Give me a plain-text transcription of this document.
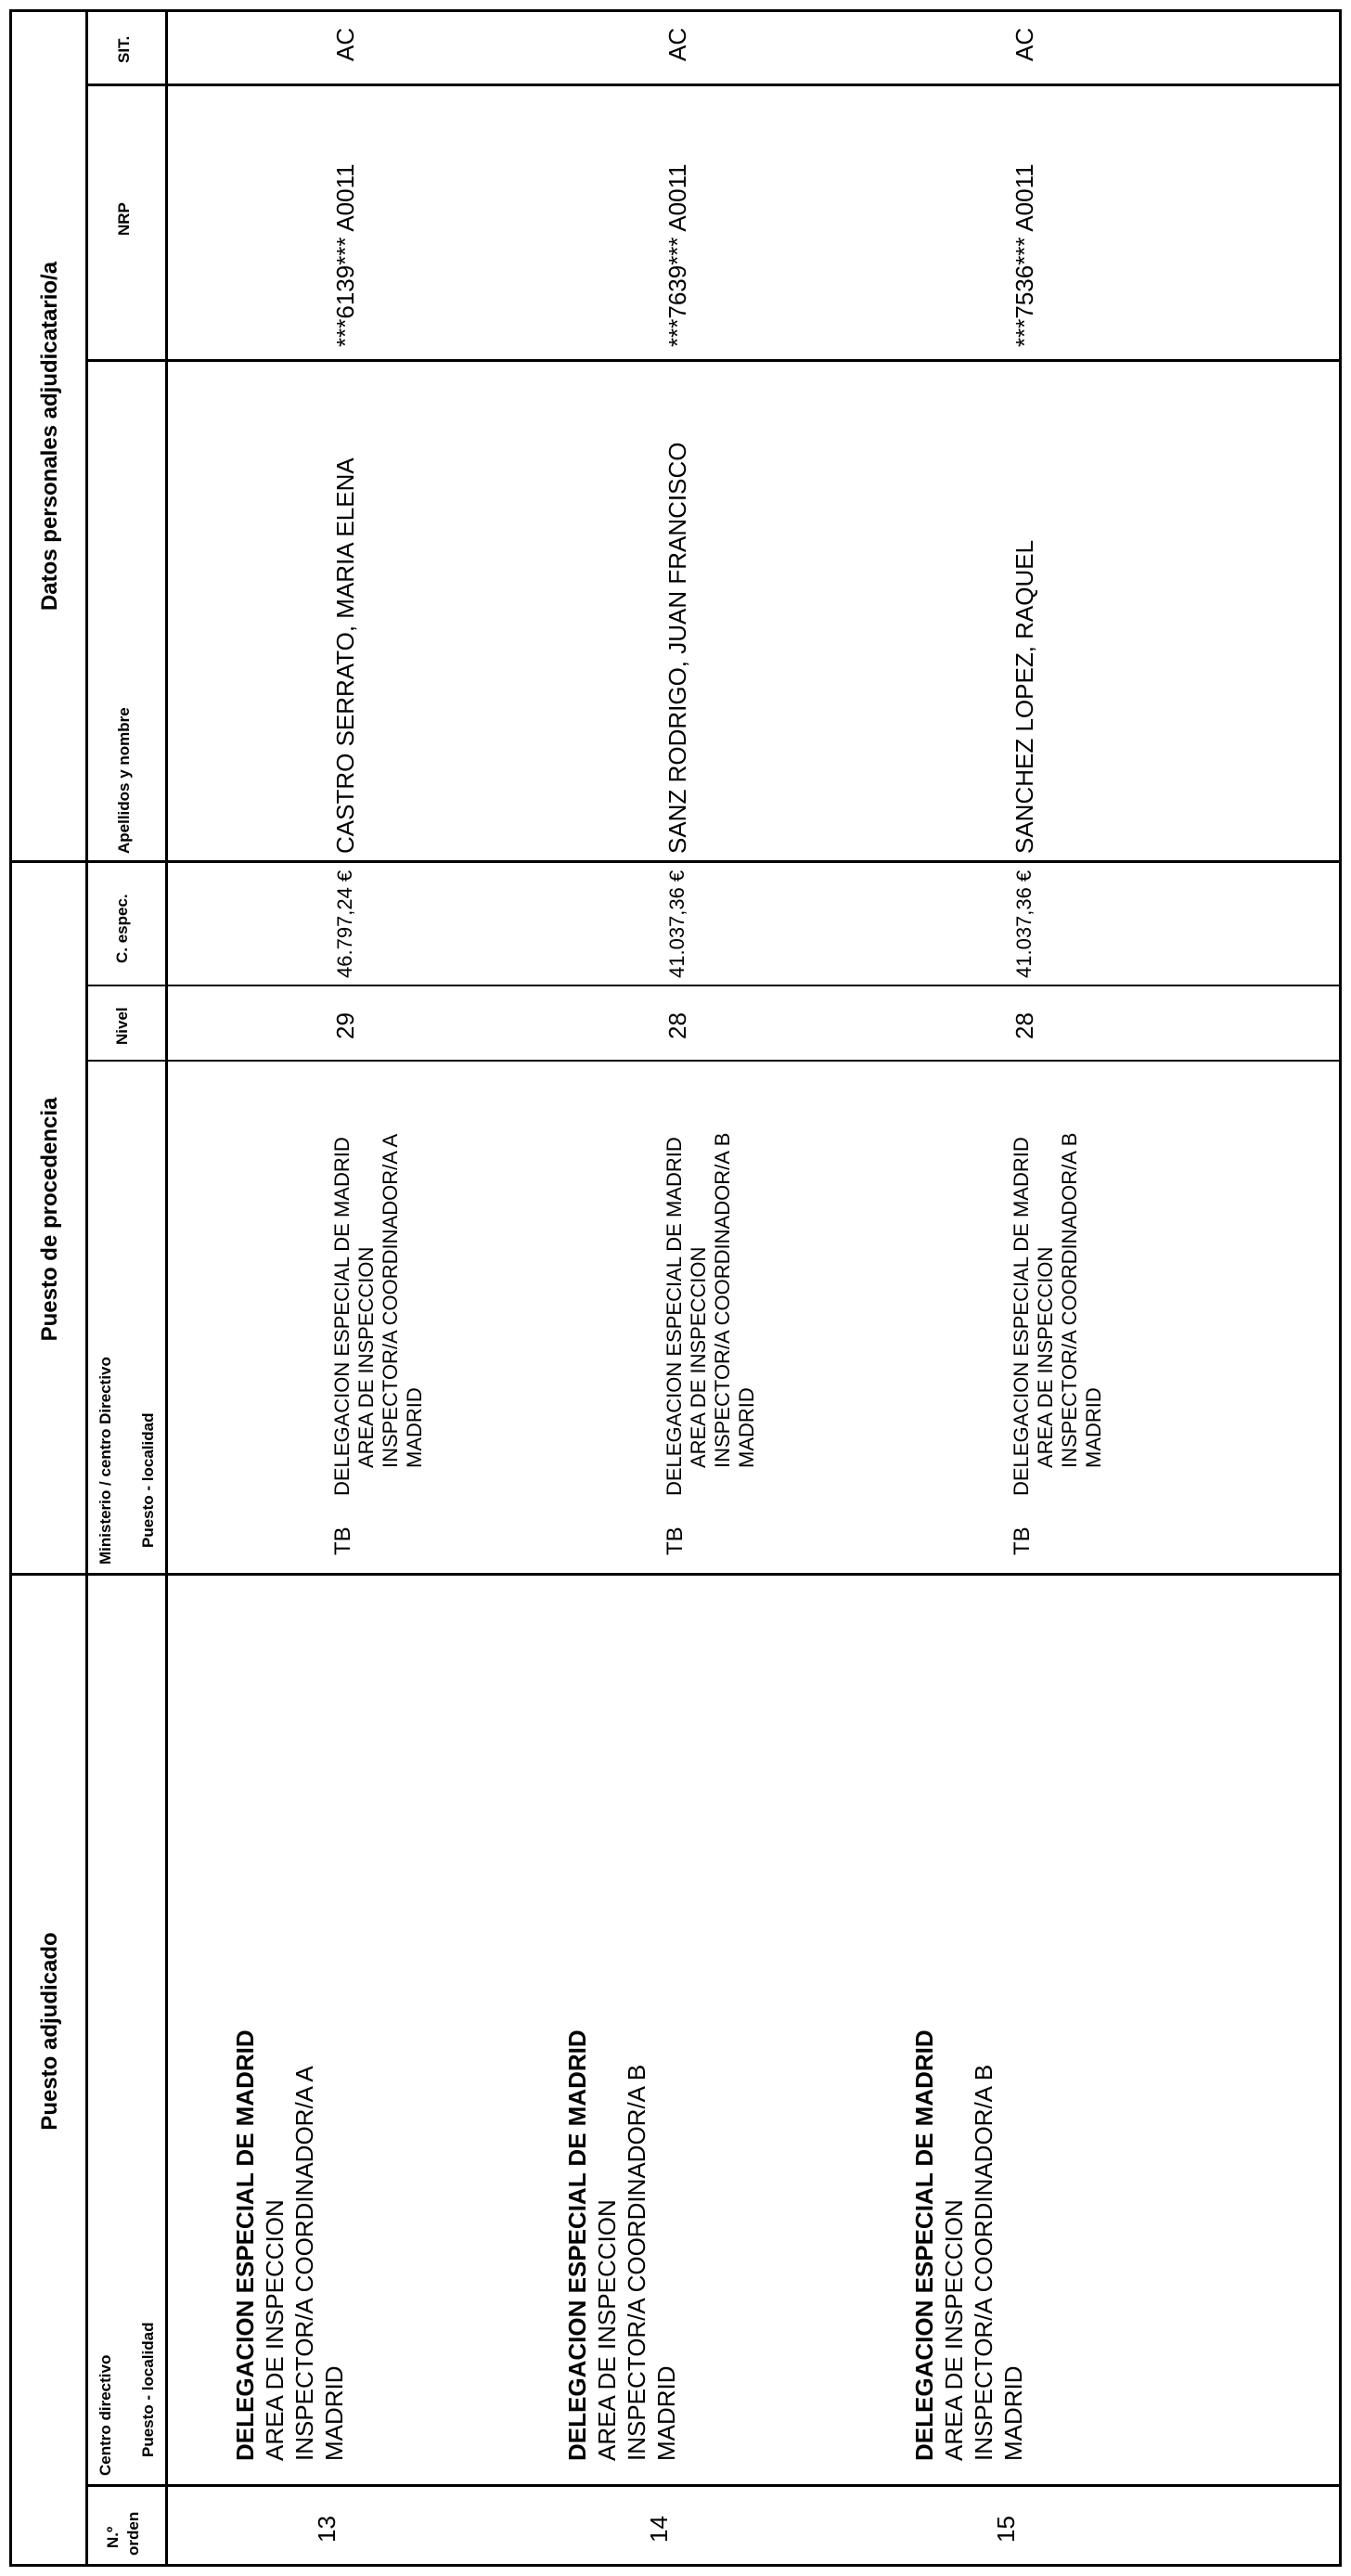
Puesto adjudicado
Puesto de procedencia
Datos personales adjudicatario/a
N.º orden
Centro directivo Puesto - localidad
Ministerio / centro Directivo Puesto - localidad
Nivel
C. espec.
Apellidos y nombre
NRP
SIT.
13
DELEGACION ESPECIAL DE MADRID AREA DE INSPECCION INSPECTOR/A COORDINADOR/A A MADRID
TB
DELEGACION ESPECIAL DE MADRID AREA DE INSPECCION INSPECTOR/A COORDINADOR/A A MADRID
29
46.797,24 €
CASTRO SERRATO, MARIA ELENA
***6139*** A0011
AC
14
DELEGACION ESPECIAL DE MADRID AREA DE INSPECCION INSPECTOR/A COORDINADOR/A B MADRID
TB
DELEGACION ESPECIAL DE MADRID AREA DE INSPECCION INSPECTOR/A COORDINADOR/A B MADRID
28
41.037,36 €
SANZ RODRIGO, JUAN FRANCISCO
***7639*** A0011
AC
15
DELEGACION ESPECIAL DE MADRID AREA DE INSPECCION INSPECTOR/A COORDINADOR/A B MADRID
TB
DELEGACION ESPECIAL DE MADRID AREA DE INSPECCION INSPECTOR/A COORDINADOR/A B MADRID
28
41.037,36 €
SANCHEZ LOPEZ, RAQUEL
***7536*** A0011
AC
